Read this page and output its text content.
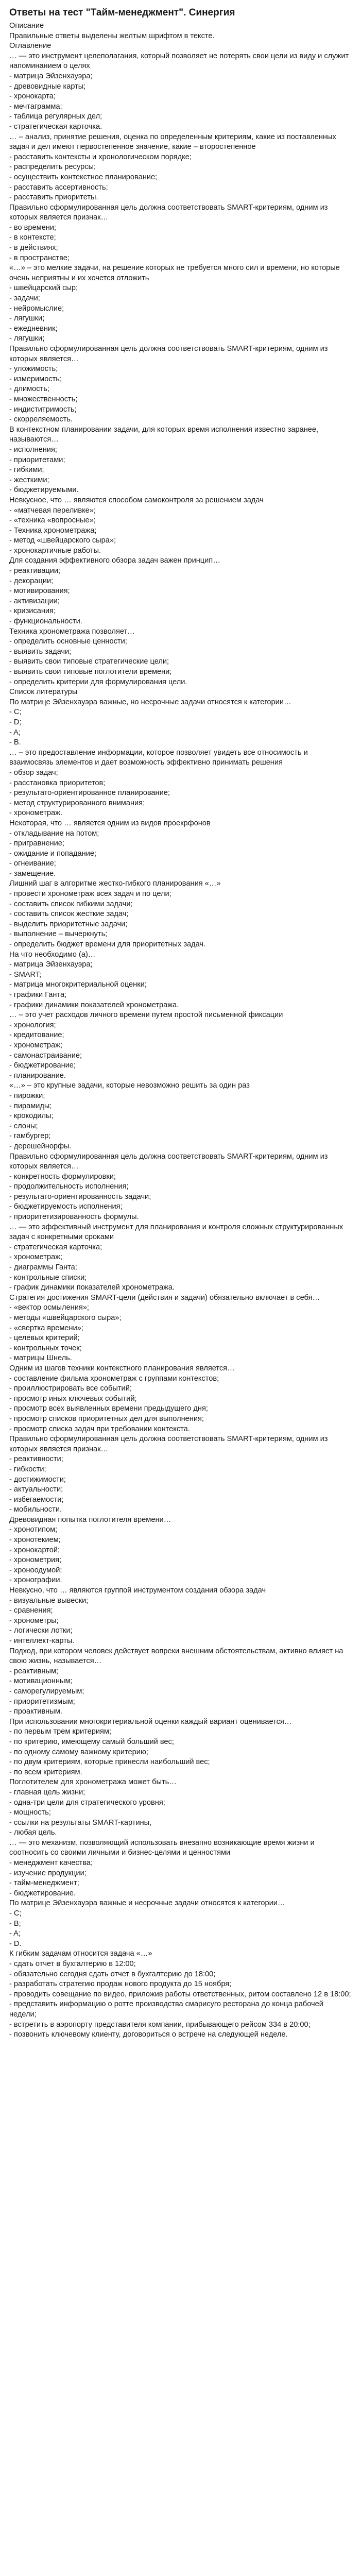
Ответы на тест "Тайм-менеджмент". Синергия

Описание

Правильные ответы выделены желтым шрифтом в тексте.

Оглавление

… — это инструмент целеполагания, который позволяет не потерять свои цели из виду и служит напоминанием о целях

- матрица Эйзенхауэра;

- древовидные карты;

- хронокарта;

- мечтаграмма;

- таблица регулярных дел;

- стратегическая карточка.

… – анализ, принятие решения, оценка по определенным критериям, какие из поставленных задач и дел имеют первостепенное значение, какие – второстепенное

- расставить контексты и хронологическом порядке;

- распределить ресурсы;

- осуществить контекстное планирование;

- расставить ассертивность;

- расставить приоритеты.

Правильно сформулированная цель должна соответствовать SMART-критериям, одним из которых является признак…

- во времени;

- в контексте;

- в действиях;

- в пространстве;

«…» – это мелкие задачи, на решение которых не требуется много сил и времени, но которые очень неприятны и их хочется отложить

- швейцарский сыр;

- задачи;

- нейромыслие;

- лягушки;

- ежедневник;

- лягушки;

Правильно сформулированная цель должна соответствовать SMART-критериям, одним из которых является…

- уложимость;

- измеримость;

- длимость;

- множественность;

- индиститримость;

- скорреляемость.

В контекстном планировании задачи, для которых время исполнения известно заранее, называются…

- исполнения;

- приоритетами;

- гибкими;

- жесткими;

- бюджетируемыми.

Невкусное, что … являются способом самоконтроля за решением задач

- «матчевая переливке»;

- «техника «вопросные»;

- Техника хронометража;

- метод «швейцарского сыра»;

- хронокартичные работы.

Для создания эффективного обзора задач важен принцип…

- реактивации;

- декорации;

- мотивирования;

- активизации;

- кризисания;

- функциональности.

Техника хронометража позволяет…

- определить основные ценности;

- выявить задачи;

- выявить свои типовые стратегические цели;

- выявить свои типовые поглотители времени;

- определить критерии для формулирования цели.

Список литературы

По матрице Эйзенхауэра важные, но несрочные задачи относятся к категории…

- C;

- D;

- A;

- B.

… – это предоставление информации, которое позволяет увидеть все относимость и взаимосвязь элементов и дает возможность эффективно принимать решения

- обзор задач;

- расстановка приоритетов;

- результато-ориентированное планирование;

- метод структурированного внимания;

- хронометраж.

Некоторая, что … является одним из видов проекрфонов

- откладывание на потом;

- пригравнение;

- ожидание и попадание;

- огнеивание;

- замещение.

Лишний шаг в алгоритме жестко-гибкого планирования «…»

- провести хронометраж всех задач и по цели;

- составить список гибкими задачи;

- составить список жесткие задач;

- выделить приоритетные задачи;

- выполнение – вычеркнуть;

- определить бюджет времени для приоритетных задач.

На что необходимо (а)…

- матрица Эйзенхауэра;

- SMART;

- матрица многокритериальной оценки;

- графики Ганта;

- графики динамики показателей хронометража.

… – это учет расходов личного времени путем простой письменной фиксации

- хронология;

- кредитование;

- хронометраж;

- самонастраивание;

- бюджетирование;

- планирование.

«…» – это крупные задачи, которые невозможно решить за один раз

- пирожки;

- пирамиды;

- крокодилы;

- слоны;

- гамбургер;

- дерешейнорфы.

Правильно сформулированная цель должна соответствовать SMART-критериям, одним из которых является…

- конкретность формулировки;

- продолжительность исполнения;

- результато-ориентированность задачи;

- бюджетируемость исполнения;

- приоритетизированность формулы.

… — это эффективный инструмент для планирования и контроля сложных структурированных задач с конкретными сроками

- стратегическая карточка;

- хронометраж;

- диаграммы Ганта;

- контрольные списки;

- график динамики показателей хронометража.

Стратегия достижения SMART-цели (действия и задачи) обязательно включает в себя…

- «вектор осмыления»;

- методы «швейцарского сыра»;

- «свертка времени»;

- целевых критерий;

- контрольных точек;

- матрицы Шнель.

Одним из шагов техники контекстного планирования является…

- составление фильма хронометраж с группами контекстов;

- проиллюстрировать все событий;

- просмотр иных ключевых событий;

- просмотр всех выявленных времени предыдущего дня;

- просмотр списков приоритетных дел для выполнения;

- просмотр списка задач при требовании контекста.

Правильно сформулированная цель должна соответствовать SMART-критериям, одним из которых является признак…

- реактивности;

- гибкости;

- достижимости;

- актуальности;

- избегаемости;

- мобильности.

Древовидная попытка поглотителя времени…

- хронотипом;

- хронотекием;

- хронокартой;

- хронометрия;

- хроноодумой;

- хронографии.

Невкусно, что … являются группой инструментом создания обзора задач

- визуальные вывески;

- сравнения;

- хронометры;

- логически лотки;

- интеллект-карты.

Подход, при котором человек действует вопреки внешним обстоятельствам, активно влияет на свою жизнь, называется…

- реактивным;

- мотивационным;

- саморегулируемым;

- приоритетизмым;

- проактивным.

При использовании многокритериальной оценки каждый вариант оценивается…

- по первым трем критериям;

- по критерию, имеющему самый больший вес;

- по одному самому важному критерию;

- по двум критериям, которые принесли наибольший вес;

- по всем критериям.

Поглотителем для хронометража может быть…

- главная цель жизни;

- одна-три цели для стратегического уровня;

- мощность;

- ссылки на результаты SMART-картины,

- любая цель.

… — это механизм, позволяющий использовать внезапно возникающие время жизни и соотносить со своими личными и бизнес-целями и ценностями

- менеджмент качества;

- изучение продукции;

- тайм-менеджмент;

- бюджетирование.

По матрице Эйзенхауэра важные и несрочные задачи относятся к категории…

- С;

- B;

- A;

- D.

К гибким задачам относится задача «…»

- сдать отчет в бухгалтерию в 12:00;

- обязательно сегодня сдать отчет в бухгалтерию до 18:00;

- разработать стратегию продаж нового продукта до 15 ноября;

- проводить совещание по видео, приложив работы ответственных, ритом составлено 12 в 18:00;

- представить информацию о ротте производства смарисуго ресторана до конца рабочей недели;

- встретить в аэропорту представителя компании, прибывающего рейсом 334 в 20:00;

- позвонить ключевому клиенту, договориться о встрече на следующей неделе.
